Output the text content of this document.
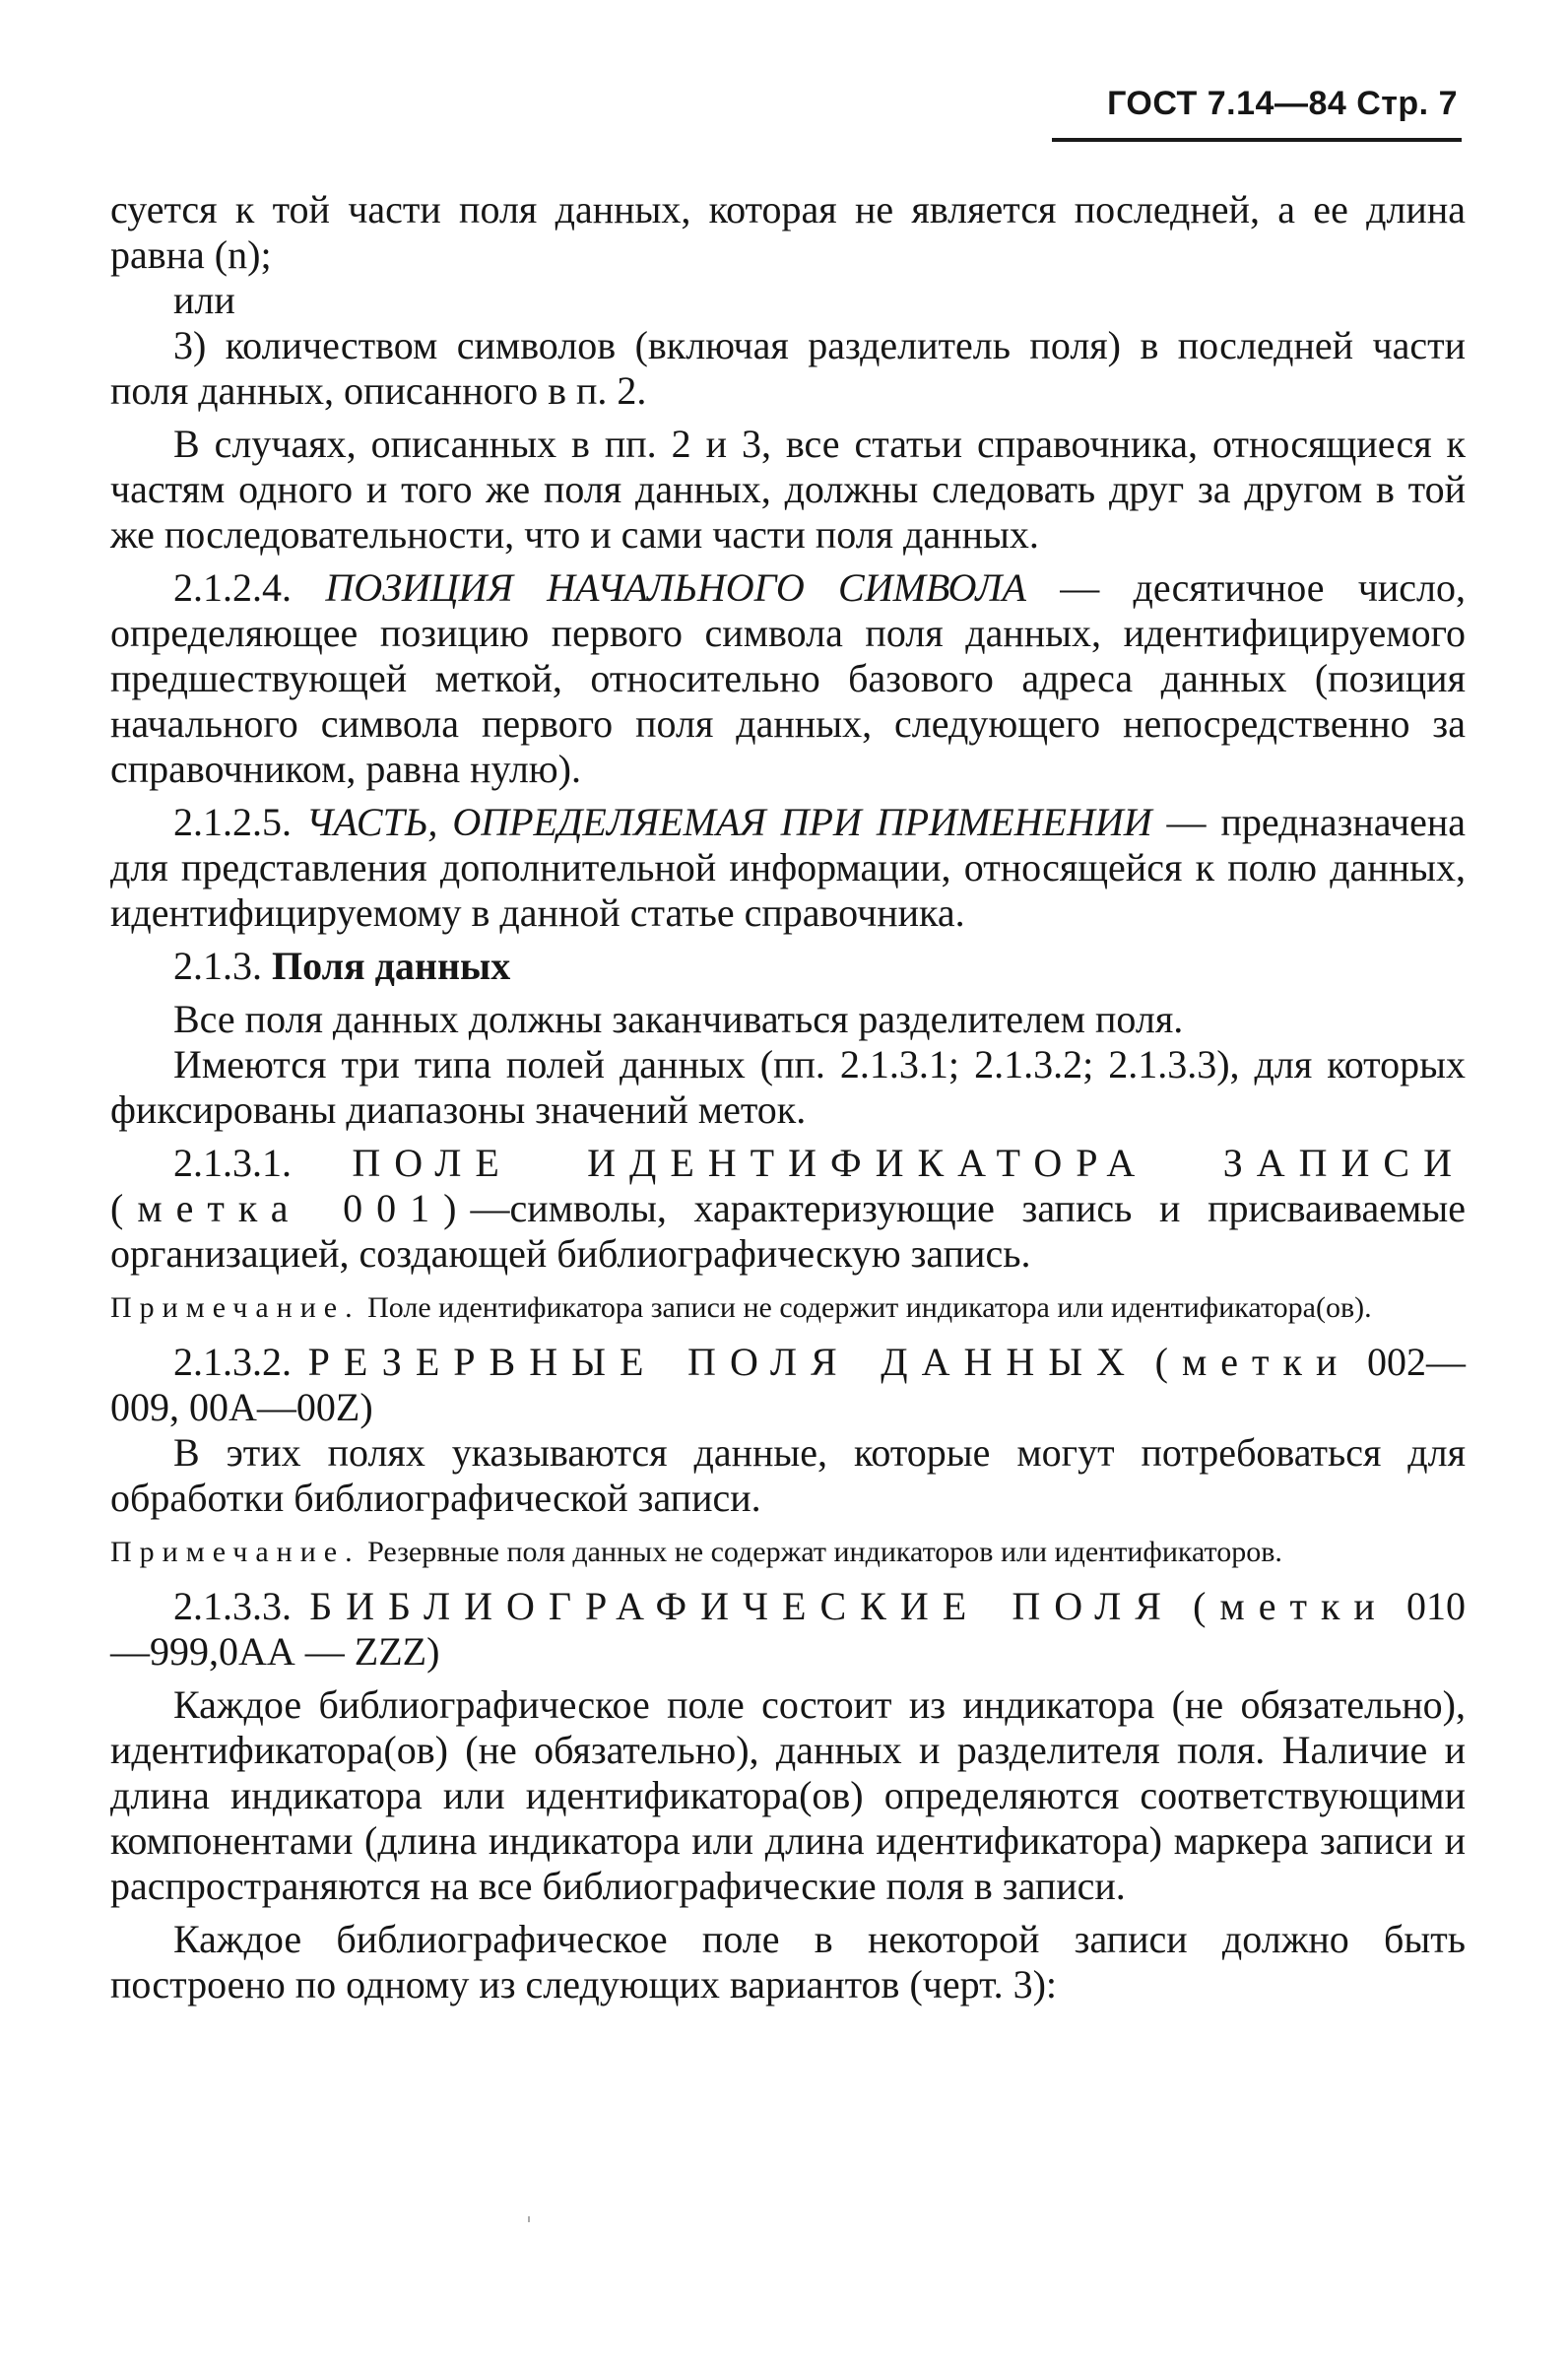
ГОСТ 7.14—84 Стр. 7

суется к той части поля данных, которая не является последней, а ее длина равна (n);

или

3) количеством символов (включая разделитель поля) в последней части поля данных, описанного в п. 2.

В случаях, описанных в пп. 2 и 3, все статьи справочника, относящиеся к частям одного и того же поля данных, должны следовать друг за другом в той же последовательности, что и сами части поля данных.

2.1.2.4. ПОЗИЦИЯ НАЧАЛЬНОГО СИМВОЛА — десятичное число, определяющее позицию первого символа поля данных, идентифицируемого предшествующей меткой, относительно базового адреса данных (позиция начального символа первого поля данных, следующего непосредственно за справочником, равна нулю).

2.1.2.5. ЧАСТЬ, ОПРЕДЕЛЯЕМАЯ ПРИ ПРИМЕНЕНИИ — предназначена для представления дополнительной информации, относящейся к полю данных, идентифицируемому в данной статье справочника.

2.1.3. Поля данных

Все поля данных должны заканчиваться разделителем поля.

Имеются три типа полей данных (пп. 2.1.3.1; 2.1.3.2; 2.1.3.3), для которых фиксированы диапазоны значений меток.

2.1.3.1. ПОЛЕ ИДЕНТИФИКАТОРА ЗАПИСИ (метка 001)—символы, характеризующие запись и присваиваемые организацией, создающей библиографическую запись.

Примечание. Поле идентификатора записи не содержит индикатора или идентификатора(ов).

2.1.3.2. РЕЗЕРВНЫЕ ПОЛЯ ДАННЫХ (метки 002—009, 00А—00Z)

В этих полях указываются данные, которые могут потребоваться для обработки библиографической записи.

Примечание. Резервные поля данных не содержат индикаторов или идентификаторов.

2.1.3.3. БИБЛИОГРАФИЧЕСКИЕ ПОЛЯ (метки 010—999,0АА — ZZZ)

Каждое библиографическое поле состоит из индикатора (не обязательно), идентификатора(ов) (не обязательно), данных и разделителя поля. Наличие и длина индикатора или идентификатора(ов) определяются соответствующими компонентами (длина индикатора или длина идентификатора) маркера записи и распространяются на все библиографические поля в записи.

Каждое библиографическое поле в некоторой записи должно быть построено по одному из следующих вариантов (черт. 3):
